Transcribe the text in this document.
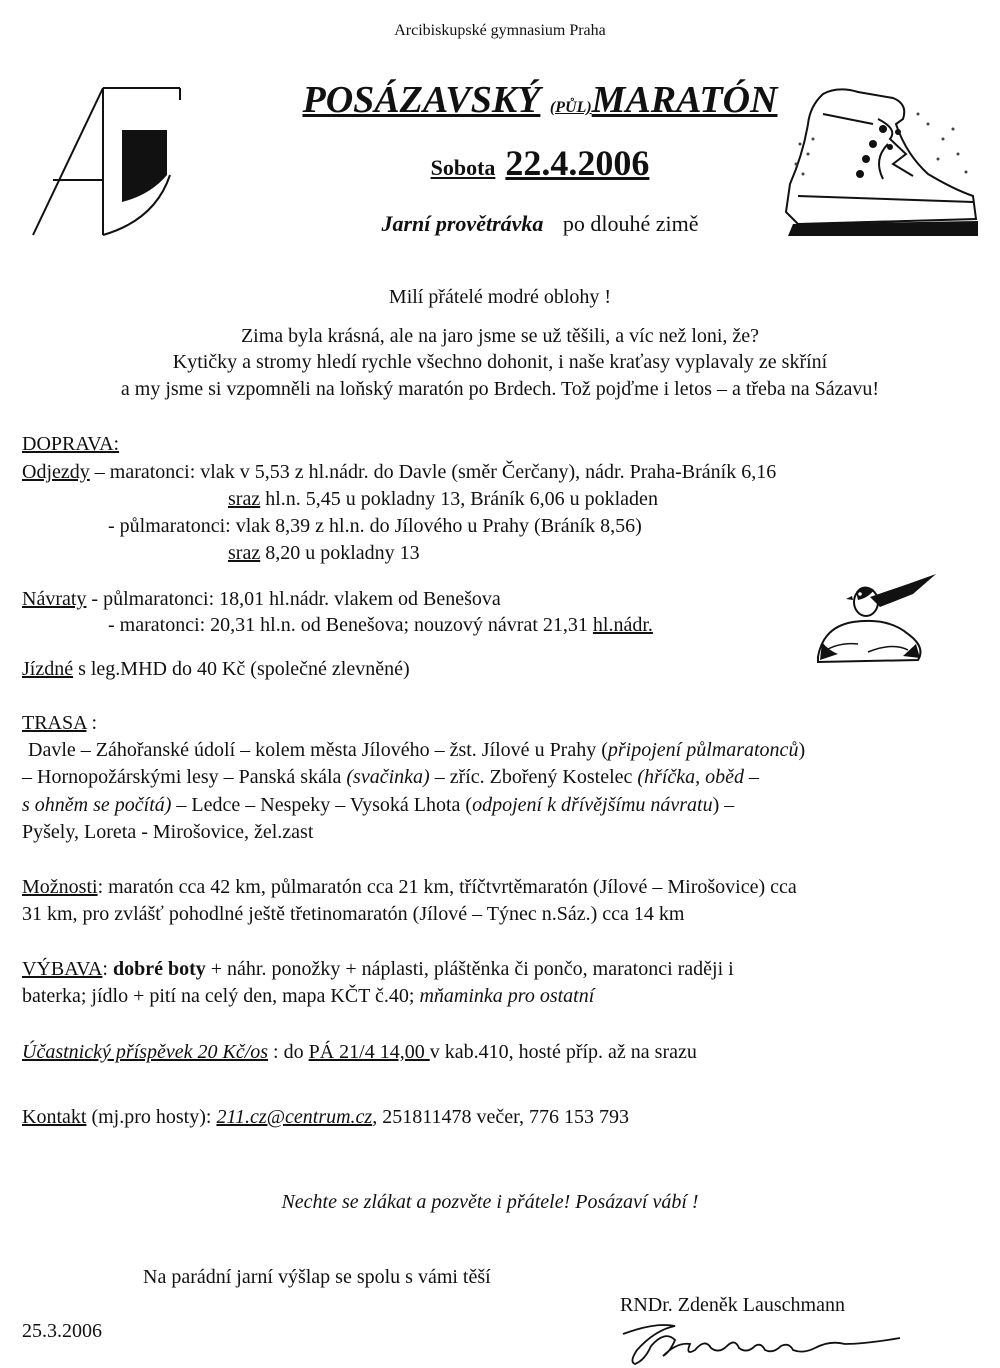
Arcibiskupské gymnasium Praha
POSÁZAVSKÝ (PŮL)MARATÓN
Sobota 22.4.2006
Jarní provětrávka po dlouhé zimě
Milí přátelé modré oblohy !
Zima byla krásná, ale na jaro jsme se už těšili, a víc než loni, že?
Kytičky a stromy hledí rychle všechno dohonit, i naše kraťasy vyplavaly ze skříní
a my jsme si vzpomněli na loňský maratón po Brdech. Tož pojďme i letos – a třeba na Sázavu!
DOPRAVA:
Odjezdy – maratonci: vlak v 5,53 z hl.nádr. do Davle (směr Čerčany), nádr. Praha-Bráník 6,16
sraz hl.n. 5,45 u pokladny 13, Bráník 6,06 u pokladen
- půlmaratonci: vlak 8,39 z hl.n. do Jílového u Prahy (Bráník 8,56)
sraz 8,20 u pokladny 13
Návraty - půlmaratonci: 18,01 hl.nádr. vlakem od Benešova
- maratonci: 20,31 hl.n. od Benešova; nouzový návrat 21,31 hl.nádr.
Jízdné s leg.MHD do 40 Kč (společné zlevněné)
TRASA :
Davle – Záhořanské údolí – kolem města Jílového – žst. Jílové u Prahy (připojení půlmaratonců)
– Hornopožárskými lesy – Panská skála (svačinka) – zříc. Zbořený Kostelec (hříčka, oběd –
s ohněm se počítá) – Ledce – Nespeky – Vysoká Lhota (odpojení k dřívějšímu návratu) –
Pyšely, Loreta - Mirošovice, žel.zast
Možnosti: maratón cca 42 km, půlmaratón cca 21 km, tříčtvrtěmaratón (Jílové – Mirošovice) cca
31 km, pro zvlášť pohodlné ještě třetinomaratón (Jílové – Týnec n.Sáz.) cca 14 km
VÝBAVA: dobré boty + náhr. ponožky + náplasti, pláštěnka či pončo, maratonci raději i
baterka; jídlo + pití na celý den, mapa KČT č.40; mňaminka pro ostatní
Účastnický příspěvek 20 Kč/os : do PÁ 21/4 14,00 v kab.410, hosté příp. až na srazu
Kontakt (mj.pro hosty): 211.cz@centrum.cz, 251811478 večer, 776 153 793
Nechte se zlákat a pozvěte i přátele! Posázaví vábí !
Na parádní jarní výšlap se spolu s vámi těší
RNDr. Zdeněk Lauschmann
25.3.2006
